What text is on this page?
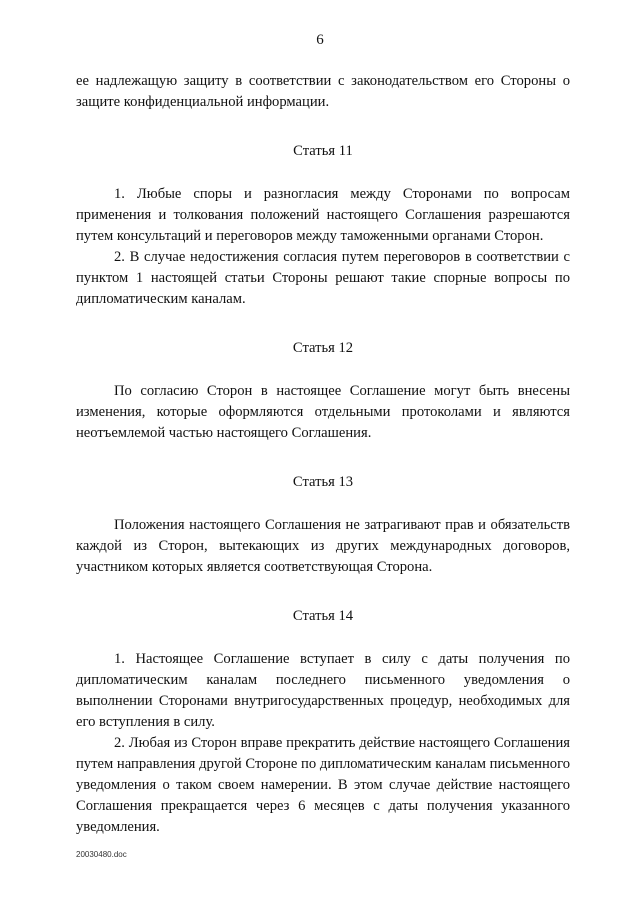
6

ее надлежащую защиту в соответствии с законодательством его Стороны о защите конфиденциальной информации.

Статья 11

1. Любые споры и разногласия между Сторонами по вопросам применения и толкования положений настоящего Соглашения разрешаются путем консультаций и переговоров между таможенными органами Сторон.

2. В случае недостижения согласия путем переговоров в соответствии с пунктом 1 настоящей статьи Стороны решают такие спорные вопросы по дипломатическим каналам.

Статья 12

По согласию Сторон в настоящее Соглашение могут быть внесены изменения, которые оформляются отдельными протоколами и являются неотъемлемой частью настоящего Соглашения.

Статья 13

Положения настоящего Соглашения не затрагивают прав и обязательств каждой из Сторон, вытекающих из других международных договоров, участником которых является соответствующая Сторона.

Статья 14

1. Настоящее Соглашение вступает в силу с даты получения по дипломатическим каналам последнего письменного уведомления о выполнении Сторонами внутригосударственных процедур, необходимых для его вступления в силу.

2. Любая из Сторон вправе прекратить действие настоящего Соглашения путем направления другой Стороне по дипломатическим каналам письменного уведомления о таком своем намерении. В этом случае действие настоящего Соглашения прекращается через 6 месяцев с даты получения указанного уведомления.

20030480.doc
